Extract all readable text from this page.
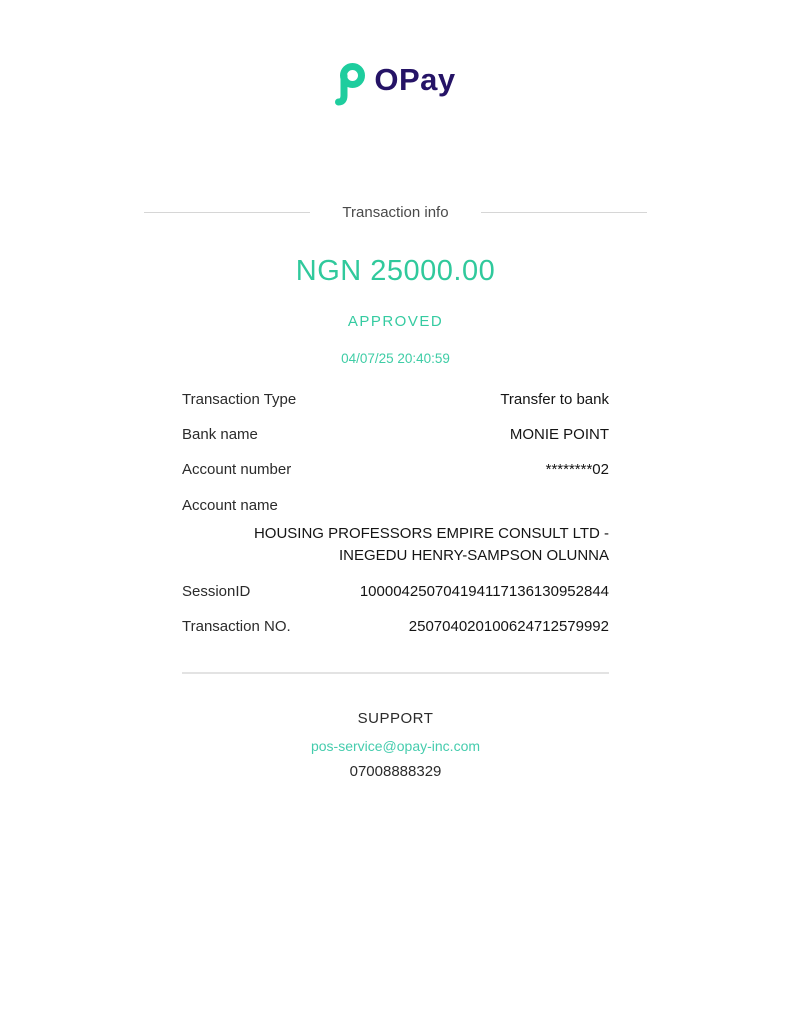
OPay
Transaction info
NGN 25000.00
APPROVED
04/07/25 20:40:59
Transaction Type	Transfer to bank
Bank name	MONIE POINT
Account number	********02
Account name
HOUSING PROFESSORS EMPIRE CONSULT LTD -
INEGEDU HENRY-SAMPSON OLUNNA
SessionID	100004250704194117136130952844
Transaction NO.	250704020100624712579992
SUPPORT
pos-service@opay-inc.com
07008888329
